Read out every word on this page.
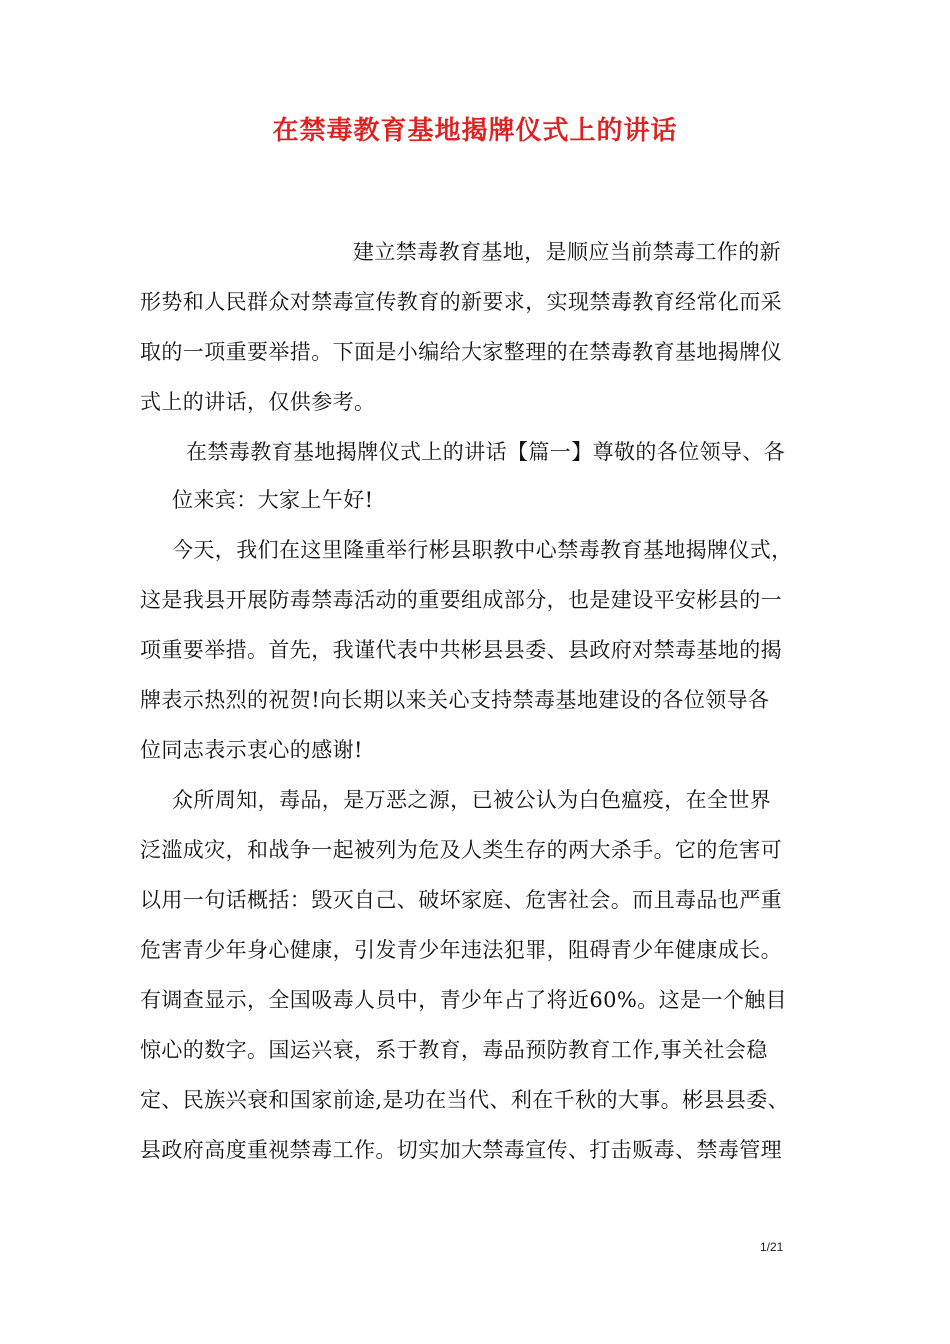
在禁毒教育基地揭牌仪式上的讲话
建立禁毒教育基地，是顺应当前禁毒工作的新
形势和人民群众对禁毒宣传教育的新要求，实现禁毒教育经常化而采
取的一项重要举措。下面是小编给大家整理的在禁毒教育基地揭牌仪
式上的讲话，仅供参考。
在禁毒教育基地揭牌仪式上的讲话【篇一】尊敬的各位领导、各
位来宾：大家上午好!
今天，我们在这里隆重举行彬县职教中心禁毒教育基地揭牌仪式，
这是我县开展防毒禁毒活动的重要组成部分，也是建设平安彬县的一
项重要举措。首先，我谨代表中共彬县县委、县政府对禁毒基地的揭
牌表示热烈的祝贺!向长期以来关心支持禁毒基地建设的各位领导各
位同志表示衷心的感谢!
众所周知，毒品，是万恶之源，已被公认为白色瘟疫，在全世界
泛滥成灾，和战争一起被列为危及人类生存的两大杀手。它的危害可
以用一句话概括：毁灭自己、破坏家庭、危害社会。而且毒品也严重
危害青少年身心健康，引发青少年违法犯罪，阻碍青少年健康成长。
有调查显示，全国吸毒人员中，青少年占了将近60%。这是一个触目
惊心的数字。国运兴衰，系于教育，毒品预防教育工作,事关社会稳
定、民族兴衰和国家前途,是功在当代、利在千秋的大事。彬县县委、
县政府高度重视禁毒工作。切实加大禁毒宣传、打击贩毒、禁毒管理
1/21
